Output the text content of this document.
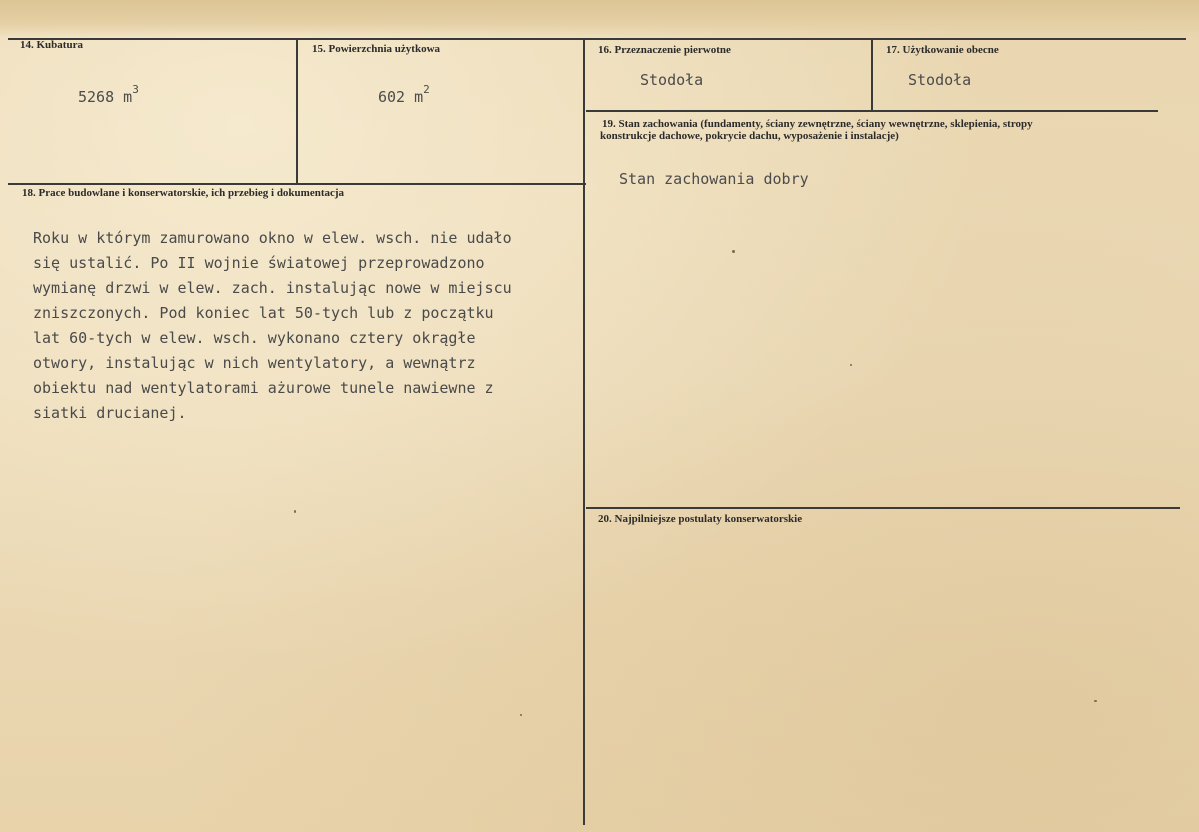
14. Kubatura
5268 $m^3$
15. Powierzchnia użytkowa
602 $m^2$
16. Przeznaczenie pierwotne
Stodoła
17. Użytkowanie obecne
Stodoła
18. Prace budowlane i konserwatorskie, ich przebieg i dokumentacja
Roku w którym zamurowano okno w elew. wsch. nie udało
się ustalić. Po II wojnie światowej przeprowadzono
wymianę drzwi w elew. zach. instalując nowe w miejscu
zniszczonych. Pod koniec lat 50-tych lub z początku
lat 60-tych w elew. wsch. wykonano cztery okrągłe
otwory, instalując w nich wentylatory, a wewnątrz
obiektu nad wentylatorami ażurowe tunele nawiewne z
siatki drucianej.
19. Stan zachowania (fundamenty, ściany zewnętrzne, ściany wewnętrzne, sklepienia, stropy
konstrukcje dachowe, pokrycie dachu, wyposażenie i instalacje)
Stan zachowania dobry
20. Najpilniejsze postulaty konserwatorskie
